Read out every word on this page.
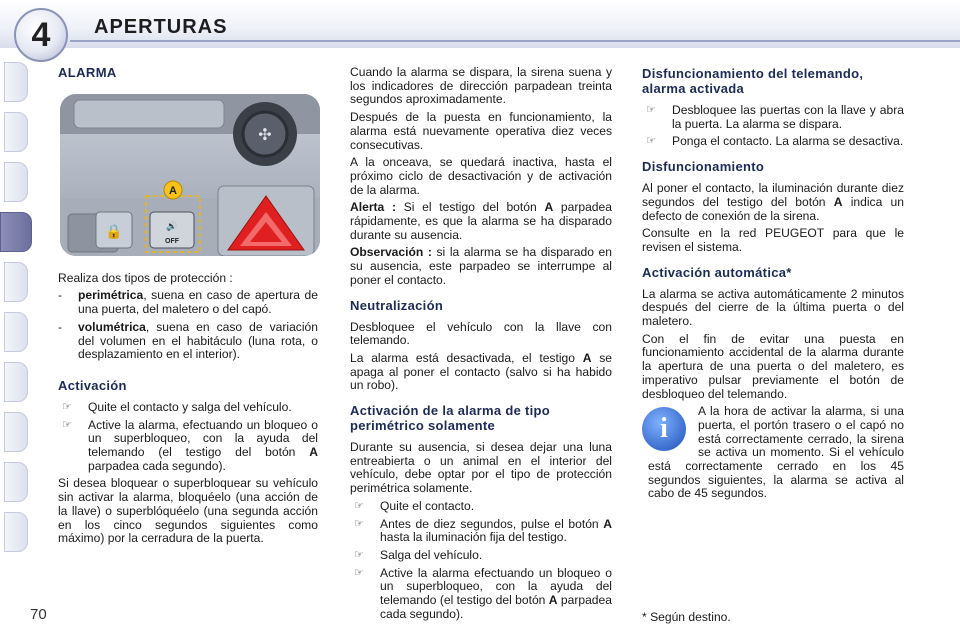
4	APERTURAS
70
ALARMA
✣
🔒	🔊
OFF
A

Realiza dos tipos de protección :

- perimétrica, suena en caso de apertura de una puerta, del maletero o del capó.
- volumétrica, suena en caso de variación del volumen en el habitáculo (luna rota, o desplazamiento en el interior).
Activación
☞ Quite el contacto y salga del vehículo.
☞ Active la alarma, efectuando un bloqueo o un superbloqueo, con la ayuda del telemando (el testigo del botón A parpadea cada segundo).

Si desea bloquear o superbloquear su vehículo sin activar la alarma, bloquéelo (una acción de la llave) o superblóquéelo (una segunda acción en los cinco segundos siguientes como máximo) por la cerradura de la puerta.

Cuando la alarma se dispara, la sirena suena y los indicadores de dirección parpadean treinta segundos aproximadamente.

Después de la puesta en funcionamiento, la alarma está nuevamente operativa diez veces consecutivas.

A la onceava, se quedará inactiva, hasta el próximo ciclo de desactivación y de activación de la alarma.

Alerta : Si el testigo del botón A parpadea rápidamente, es que la alarma se ha disparado durante su ausencia.

Observación : si la alarma se ha disparado en su ausencia, este parpadeo se interrumpe al poner el contacto.

Neutralización

Desbloquee el vehículo con la llave con telemando.

La alarma está desactivada, el testigo A se apaga al poner el contacto (salvo si ha habido un robo).

Activación de la alarma de tipo perimétrico solamente

Durante su ausencia, si desea dejar una luna entreabierta o un animal en el interior del vehículo, debe optar por el tipo de protección perimétrica solamente.

☞ Quite el contacto.
☞ Antes de diez segundos, pulse el botón A hasta la iluminación fija del testigo.
☞ Salga del vehículo.
☞ Active la alarma efectuando un bloqueo o un superbloqueo, con la ayuda del telemando (el testigo del botón A parpadea cada segundo).
Disfuncionamiento del telemando, alarma activada
☞ Desbloquee las puertas con la llave y abra la puerta. La alarma se dispara.
☞ Ponga el contacto. La alarma se desactiva.
Disfuncionamiento

Al poner el contacto, la iluminación durante diez segundos del testigo del botón A indica un defecto de conexión de la sirena.

Consulte en la red PEUGEOT para que le revisen el sistema.

Activación automática*

La alarma se activa automáticamente 2 minutos después del cierre de la última puerta o del maletero.

Con el fin de evitar una puesta en funcionamiento accidental de la alarma durante la apertura de una puerta o del maletero, es imperativo pulsar previamente el botón de desbloqueo del telemando.

i

A la hora de activar la alarma, si una puerta, el portón trasero o el capó no está correctamente cerrado, la sirena se activa un momento. Si el vehículo está correctamente cerrado en los 45 segundos siguientes, la alarma se activa al cabo de 45 segundos.

* Según destino.
